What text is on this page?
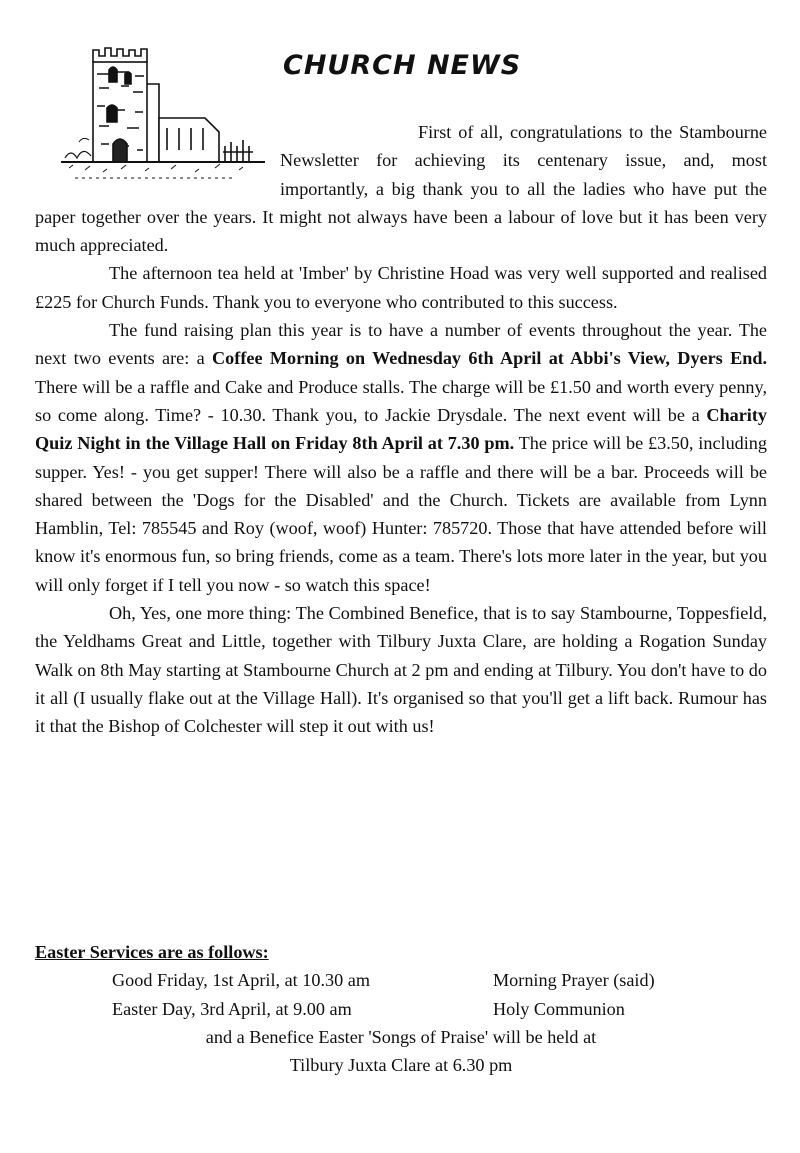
CHURCH NEWS

First of all, congratulations to the Stambourne Newsletter for achieving its centenary issue, and, most importantly, a big thank you to all the ladies who have put the paper together over the years. It might not always have been a labour of love but it has been very much appreciated.

The afternoon tea held at 'Imber' by Christine Hoad was very well supported and realised £225 for Church Funds. Thank you to everyone who contributed to this success.

The fund raising plan this year is to have a number of events throughout the year. The next two events are: a Coffee Morning on Wednesday 6th April at Abbi's View, Dyers End. There will be a raffle and Cake and Produce stalls. The charge will be £1.50 and worth every penny, so come along. Time? - 10.30. Thank you, to Jackie Drysdale. The next event will be a Charity Quiz Night in the Village Hall on Friday 8th April at 7.30 pm. The price will be £3.50, including supper. Yes! - you get supper! There will also be a raffle and there will be a bar. Proceeds will be shared between the 'Dogs for the Disabled' and the Church. Tickets are available from Lynn Hamblin, Tel: 785545 and Roy (woof, woof) Hunter: 785720. Those that have attended before will know it's enormous fun, so bring friends, come as a team. There's lots more later in the year, but you will only forget if I tell you now - so watch this space!

Oh, Yes, one more thing: The Combined Benefice, that is to say Stambourne, Toppesfield, the Yeldhams Great and Little, together with Tilbury Juxta Clare, are holding a Rogation Sunday Walk on 8th May starting at Stambourne Church at 2 pm and ending at Tilbury. You don't have to do it all (I usually flake out at the Village Hall). It's organised so that you'll get a lift back. Rumour has it that the Bishop of Colchester will step it out with us!

Easter Services are as follows:

Good Friday, 1st April, at 10.30 am	Morning Prayer (said)
Easter Day, 3rd April, at 9.00 am	Holy Communion

and a Benefice Easter 'Songs of Praise' will be held at

Tilbury Juxta Clare at 6.30 pm
